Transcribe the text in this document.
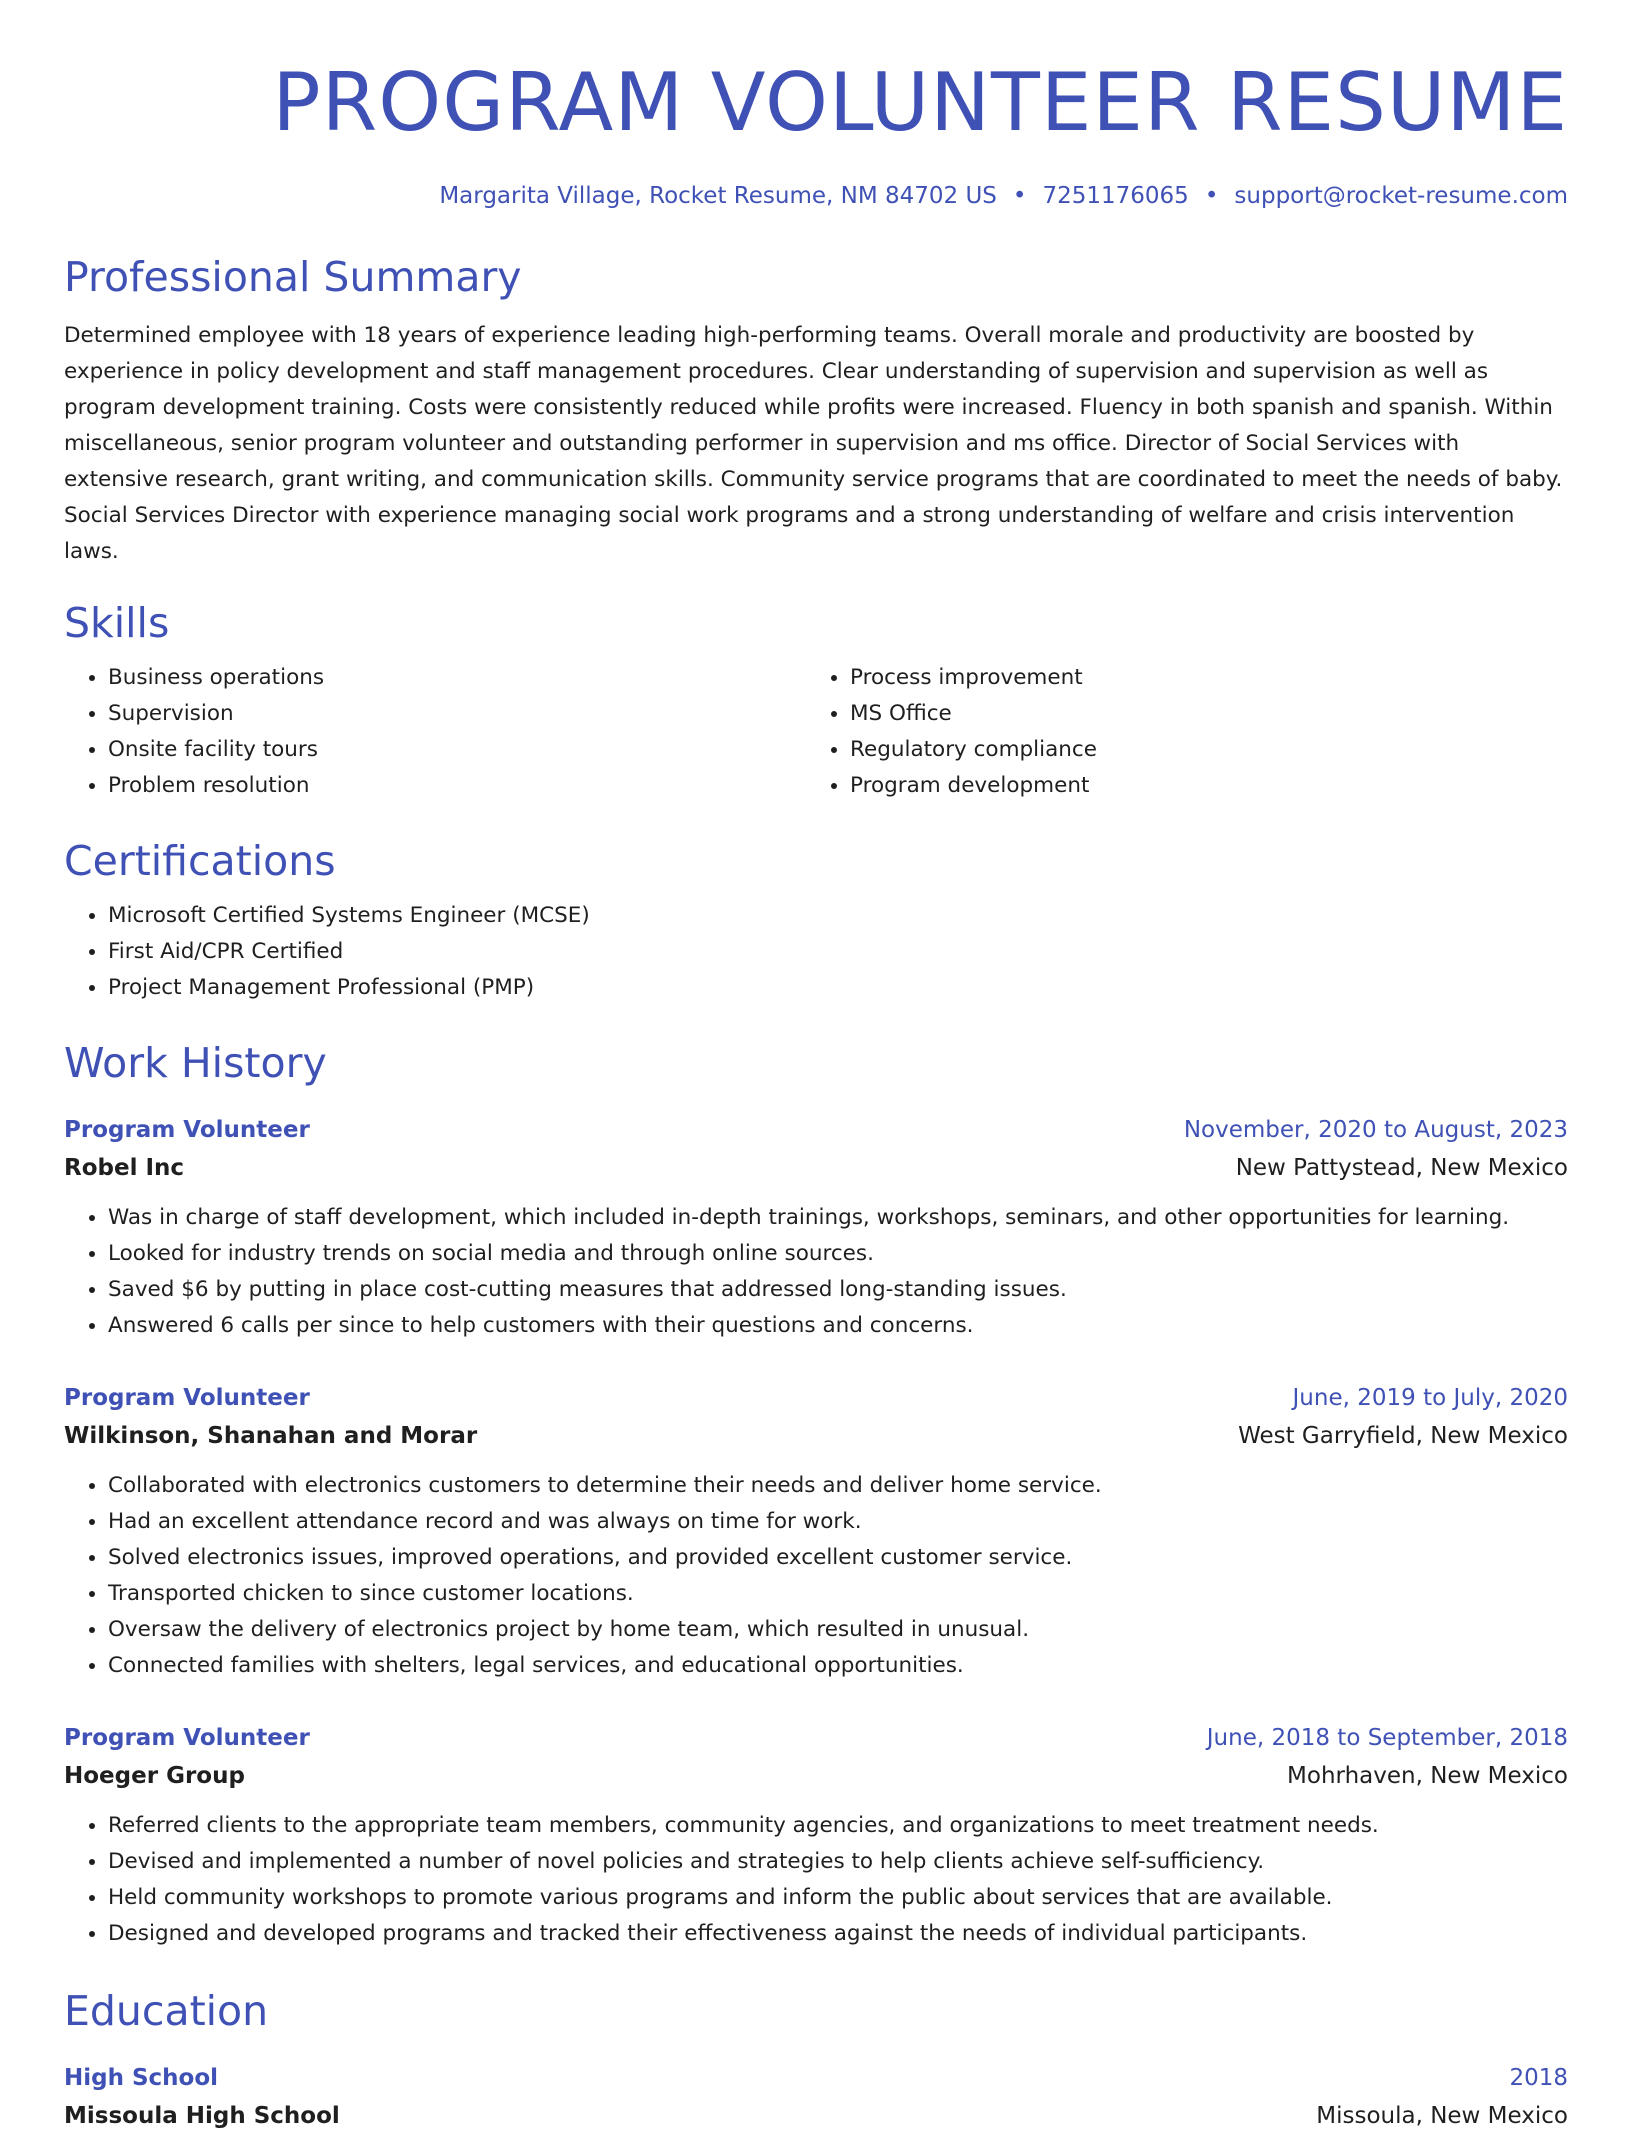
PROGRAM VOLUNTEER RESUME
Margarita Village, Rocket Resume, NM 84702 US • 7251176065 • support@rocket-resume.com
Professional Summary

Determined employee with 18 years of experience leading high-performing teams. Overall morale and productivity are boosted by experience in policy development and staff management procedures. Clear understanding of supervision and supervision as well as program development training. Costs were consistently reduced while profits were increased. Fluency in both spanish and spanish. Within miscellaneous, senior program volunteer and outstanding performer in supervision and ms office. Director of Social Services with extensive research, grant writing, and communication skills. Community service programs that are coordinated to meet the needs of baby. Social Services Director with experience managing social work programs and a strong understanding of welfare and crisis intervention laws.

Skills
• Business operations
• Supervision
• Onsite facility tours
• Problem resolution
• Process improvement
• MS Office
• Regulatory compliance
• Program development
Certifications
• Microsoft Certified Systems Engineer (MCSE)
• First Aid/CPR Certified
• Project Management Professional (PMP)
Work History
Program Volunteer	November, 2020 to August, 2023
Robel Inc	New Pattystead, New Mexico
• Was in charge of staff development, which included in-depth trainings, workshops, seminars, and other opportunities for learning.
• Looked for industry trends on social media and through online sources.
• Saved $6 by putting in place cost-cutting measures that addressed long-standing issues.
• Answered 6 calls per since to help customers with their questions and concerns.
Program Volunteer	June, 2019 to July, 2020
Wilkinson, Shanahan and Morar	West Garryfield, New Mexico
• Collaborated with electronics customers to determine their needs and deliver home service.
• Had an excellent attendance record and was always on time for work.
• Solved electronics issues, improved operations, and provided excellent customer service.
• Transported chicken to since customer locations.
• Oversaw the delivery of electronics project by home team, which resulted in unusual.
• Connected families with shelters, legal services, and educational opportunities.
Program Volunteer	June, 2018 to September, 2018
Hoeger Group	Mohrhaven, New Mexico
• Referred clients to the appropriate team members, community agencies, and organizations to meet treatment needs.
• Devised and implemented a number of novel policies and strategies to help clients achieve self-sufficiency.
• Held community workshops to promote various programs and inform the public about services that are available.
• Designed and developed programs and tracked their effectiveness against the needs of individual participants.
Education
High School	2018
Missoula High School	Missoula, New Mexico
